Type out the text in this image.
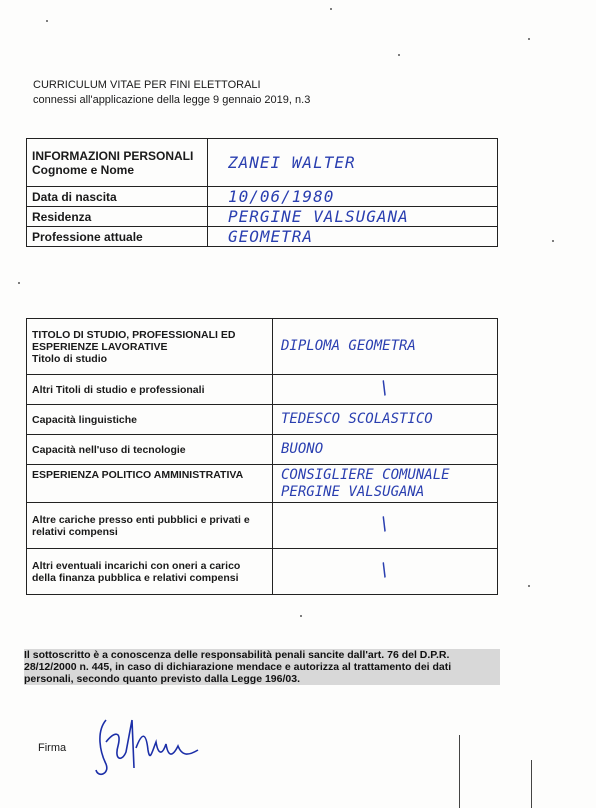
CURRICULUM VITAE PER FINI ELETTORALI
connessi all'applicazione della legge 9 gennaio 2019, n.3
INFORMAZIONI PERSONALI
Cognome e Nome	ZANEI WALTER
Data di nascita	10/06/1980
Residenza	PERGINE VALSUGANA
Professione attuale	GEOMETRA
TITOLO DI STUDIO, PROFESSIONALI ED
ESPERIENZE LAVORATIVE
Titolo di studio	DIPLOMA GEOMETRA
Altri Titoli di studio e professionali	/
Capacità linguistiche	TEDESCO SCOLASTICO
Capacità nell'uso di tecnologie	BUONO
ESPERIENZA POLITICO AMMINISTRATIVA	CONSIGLIERE COMUNALE
PERGINE VALSUGANA

Altre cariche presso enti pubblici e privati e relativi compensi	/
Altri eventuali incarichi con oneri a carico della finanza pubblica e relativi compensi	/
Il sottoscritto è a conoscenza delle responsabilità penali sancite dall'art. 76 del D.P.R. 28/12/2000 n. 445, in caso di dichiarazione mendace e autorizza al trattamento dei dati personali, secondo quanto previsto dalla Legge 196/03.
Firma
